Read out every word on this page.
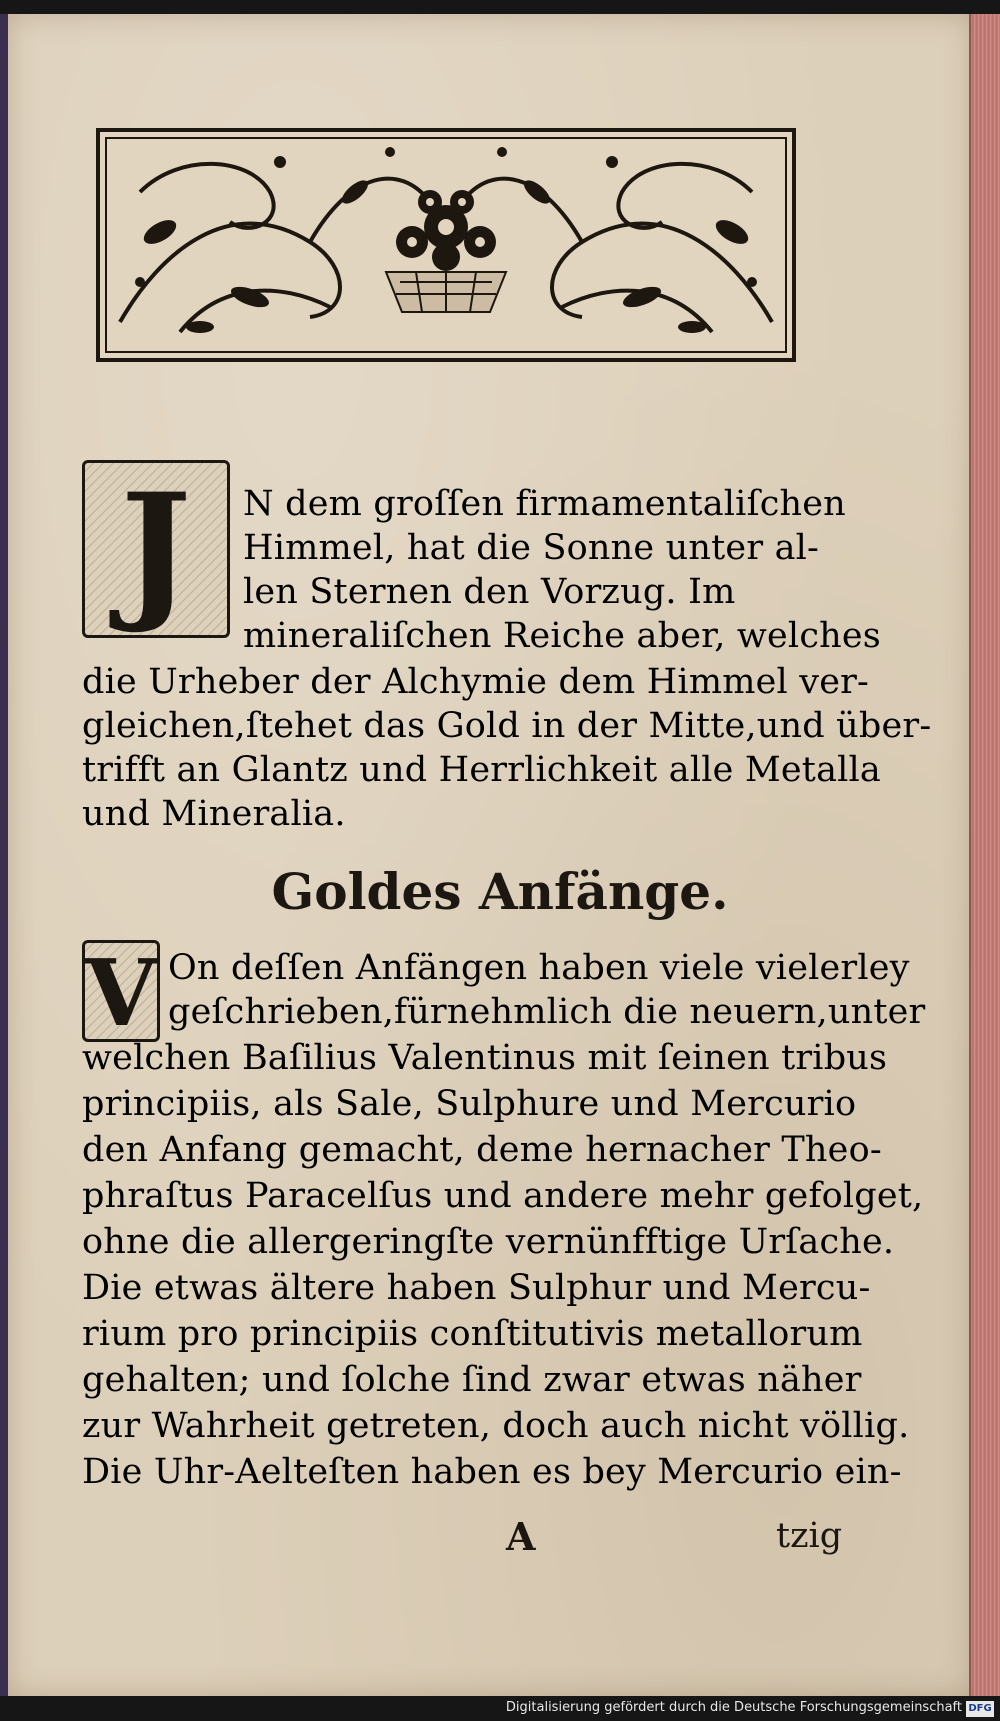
J	N dem groſſen firmamentaliſchen
Himmel, hat die Sonne unter al-
len Sternen den Vorzug. Im
mineraliſchen Reiche aber, welches
die Urheber der Alchymie dem Himmel ver-
gleichen,ſtehet das Gold in der Mitte,und über-
trifft an Glantz und Herrlichkeit alle Metalla
und Mineralia.
Goldes Anfänge.
V On deſſen Anfängen haben viele vielerley
geſchrieben,fürnehmlich die neuern,unter
welchen Baſilius Valentinus mit ſeinen tribus
principiis, als Sale, Sulphure und Mercurio
den Anfang gemacht, deme hernacher Theo-
phraſtus Paracelſus und andere mehr gefolget,
ohne die allergeringſte vernünfftige Urſache.
Die etwas ältere haben Sulphur und Mercu-
rium pro principiis conſtitutivis metallorum
gehalten; und ſolche ſind zwar etwas näher
zur Wahrheit getreten, doch auch nicht völlig.
Die Uhr-Aelteſten haben es bey Mercurio ein-
A	tzig
Digitalisierung gefördert durch die Deutsche Forschungsgemeinschaft DFG
